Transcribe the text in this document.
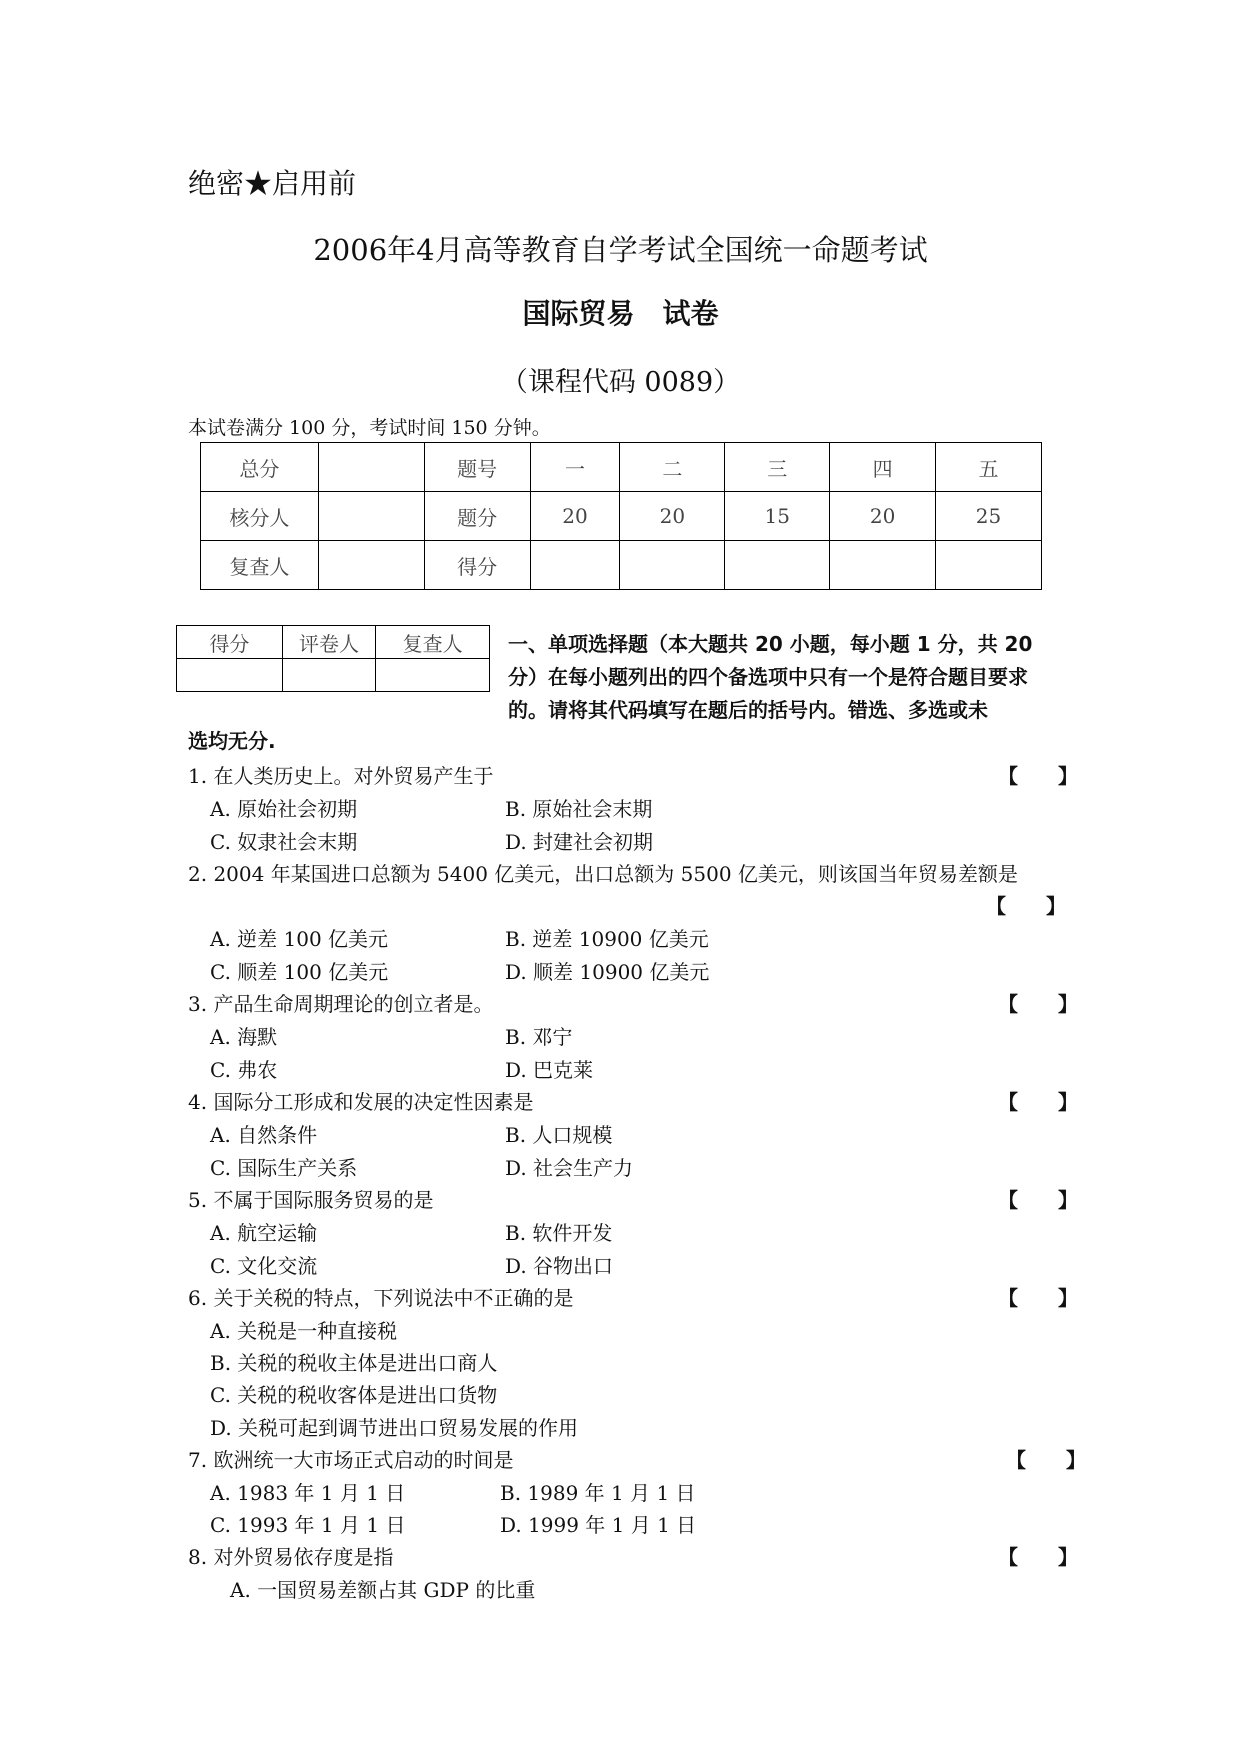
绝密★启用前
2006年4月高等教育自学考试全国统一命题考试
国际贸易　试卷
（课程代码 0089）
本试卷满分 100 分，考试时间 150 分钟。
总分		题号	一	二	三	四	五
核分人		题分	20	20	15	20	25
复查人		得分					
得分	评卷人	复查人
		一、单项选择题（本大题共 20 小题，每小题 1 分，共 20 分）在每小题列出的四个备选项中只有一个是符合题目要求的。请将其代码填写在题后的括号内。错选、多选或未
选均无分.
1. 在人类历史上。对外贸易产生于	【　　】
A. 原始社会初期	B. 原始社会末期
C. 奴隶社会末期	D. 封建社会初期
2. 2004 年某国进口总额为 5400 亿美元，出口总额为 5500 亿美元，则该国当年贸易差额是
【　　】
A. 逆差 100 亿美元	B. 逆差 10900 亿美元
C. 顺差 100 亿美元	D. 顺差 10900 亿美元
3. 产品生命周期理论的创立者是。	【　　】
A. 海默	B. 邓宁
C. 弗农	D. 巴克莱
4. 国际分工形成和发展的决定性因素是	【　　】
A. 自然条件	B. 人口规模
C. 国际生产关系	D. 社会生产力
5. 不属于国际服务贸易的是	【　　】
A. 航空运输	B. 软件开发
C. 文化交流	D. 谷物出口
6. 关于关税的特点，下列说法中不正确的是	【　　】
A. 关税是一种直接税
B. 关税的税收主体是进出口商人
C. 关税的税收客体是进出口货物
D. 关税可起到调节进出口贸易发展的作用
7. 欧洲统一大市场正式启动的时间是	【　　】
A. 1983 年 1 月 1 日	B. 1989 年 1 月 1 日
C. 1993 年 1 月 1 日	D. 1999 年 1 月 1 日
8. 对外贸易依存度是指	【　　】
A. 一国贸易差额占其 GDP 的比重
